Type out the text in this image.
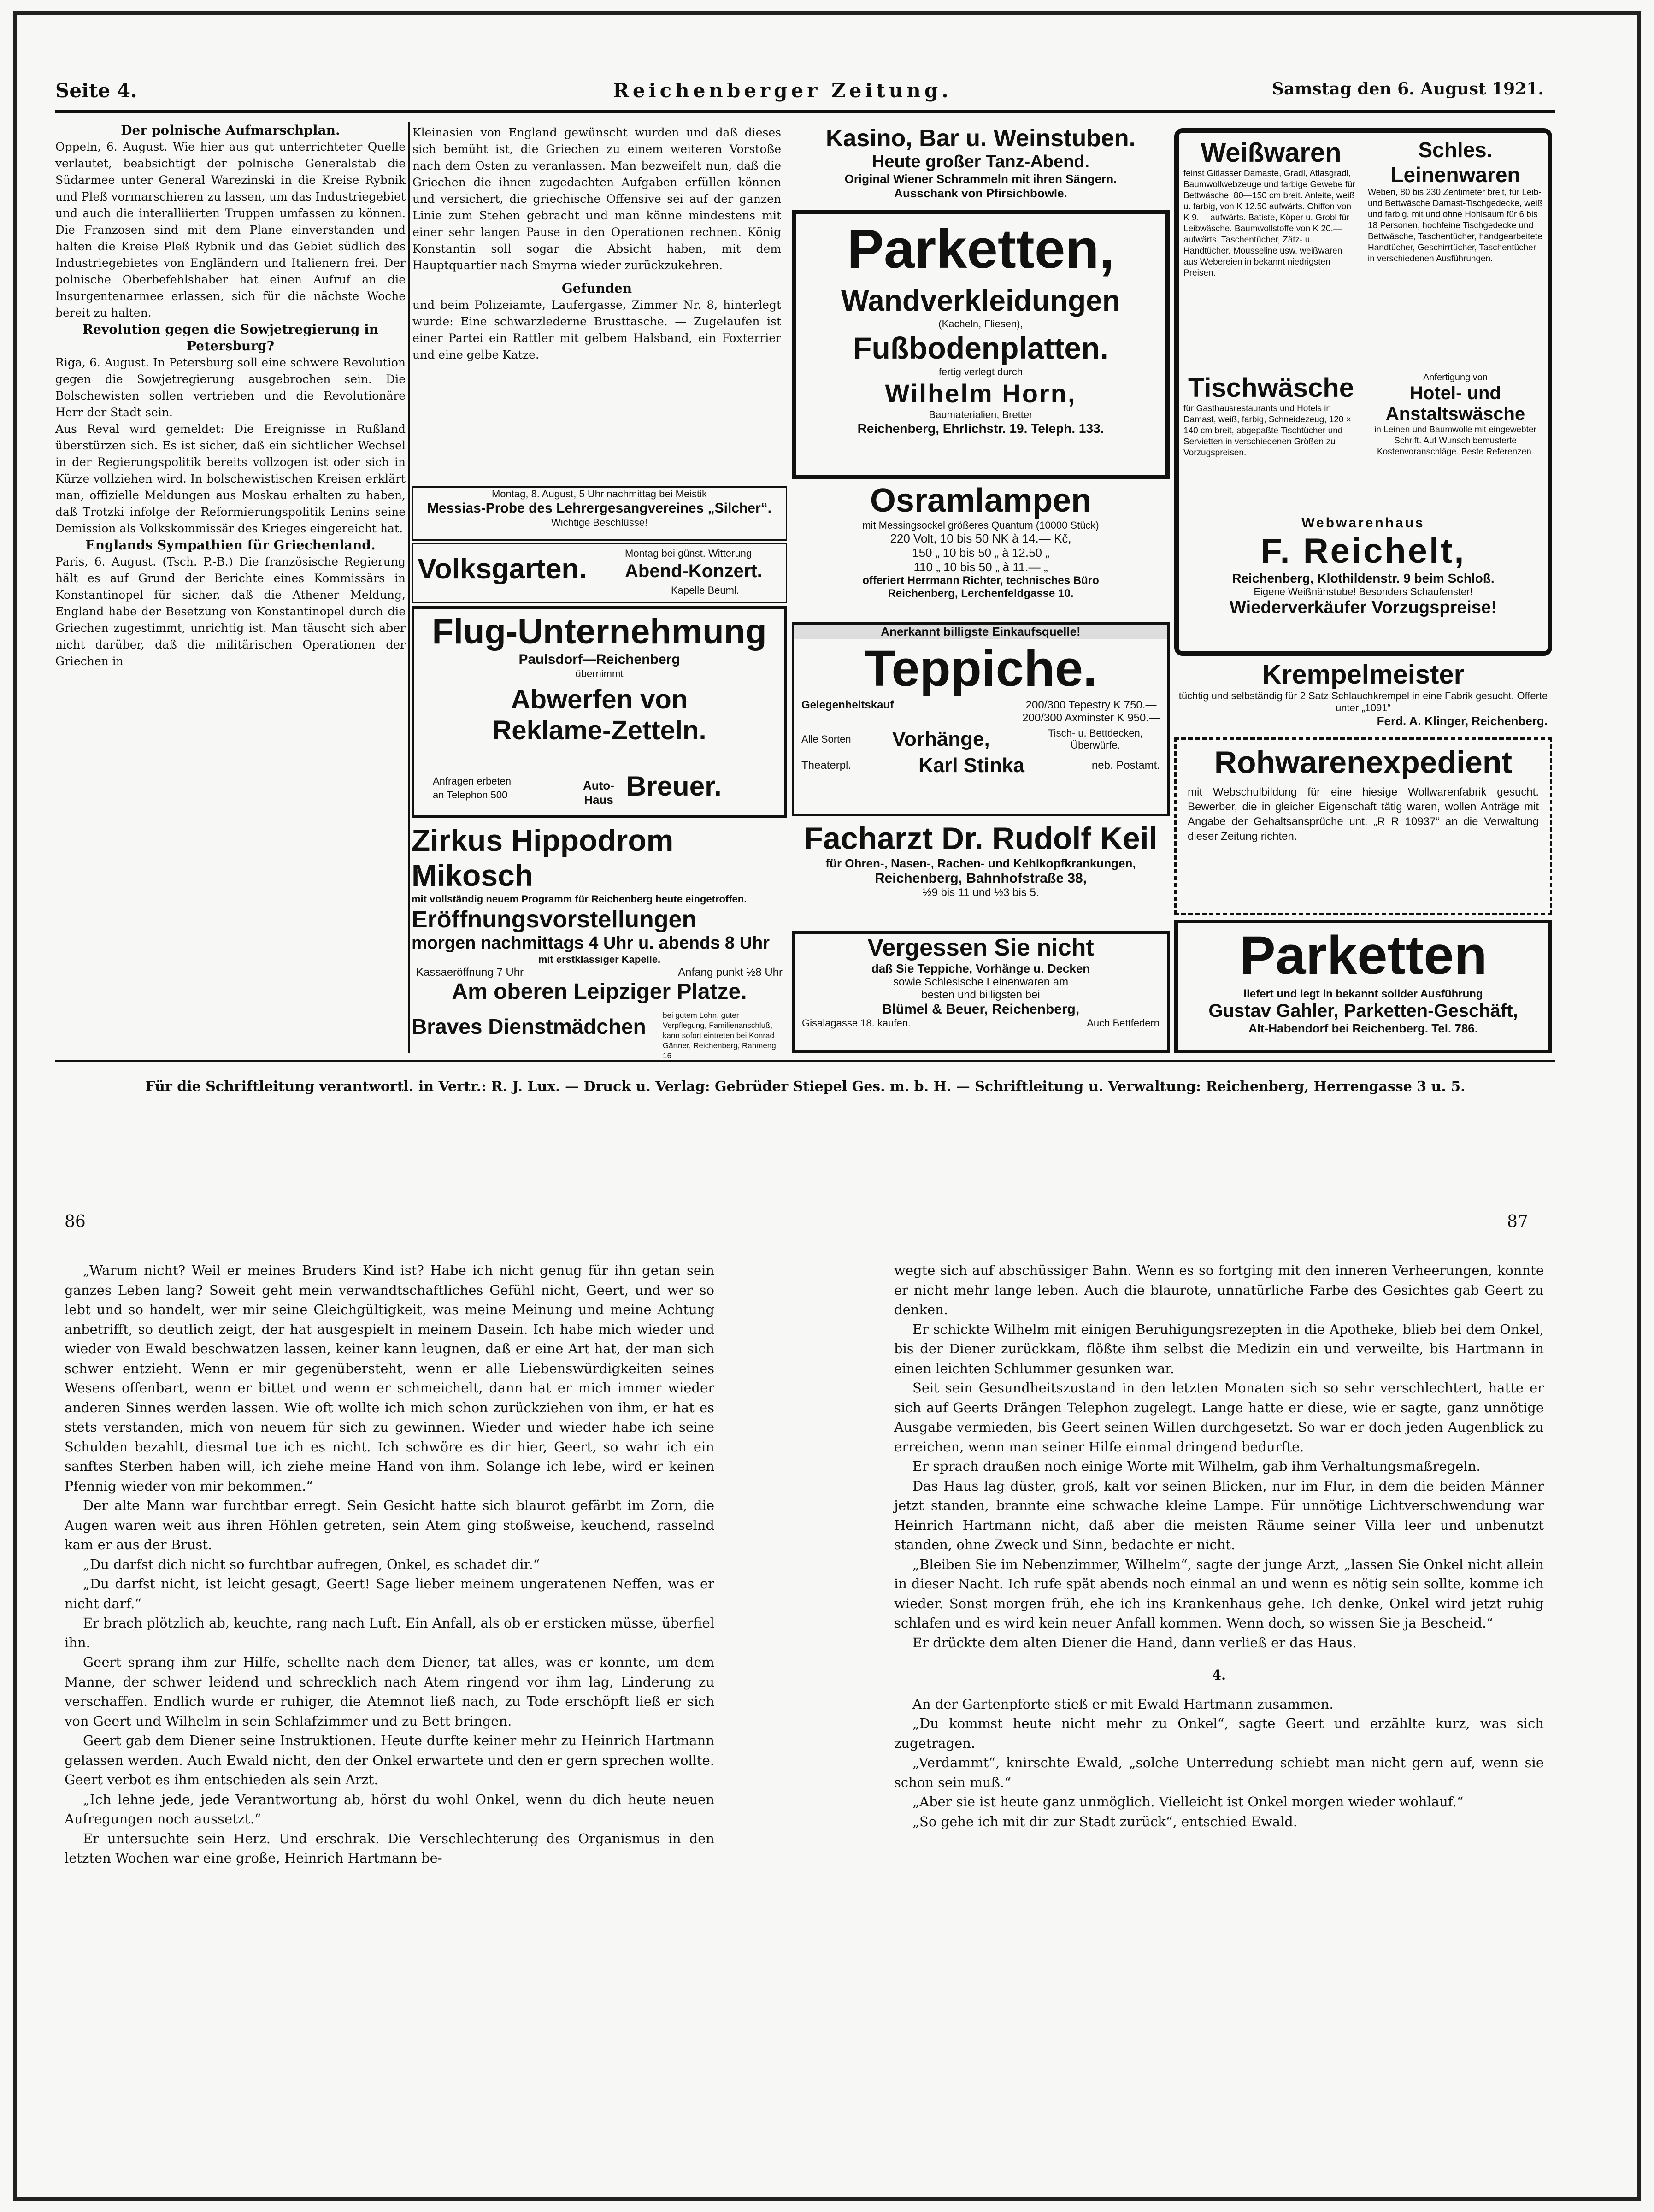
Seite 4.	Reichenberger Zeitung.	Samstag den 6. August 1921.

Der polnische Aufmarschplan.

Oppeln, 6. August. Wie hier aus gut unterrichteter Quelle verlautet, beabsichtigt der polnische Generalstab die Südarmee unter General Warezinski in die Kreise Rybnik und Pleß vormarschieren zu lassen, um das Industriegebiet und auch die interalliierten Truppen umfassen zu können. Die Franzosen sind mit dem Plane einverstanden und halten die Kreise Pleß Rybnik und das Gebiet südlich des Industriegebietes von Engländern und Italienern frei. Der polnische Oberbefehlshaber hat einen Aufruf an die Insurgentenarmee erlassen, sich für die nächste Woche bereit zu halten.

Revolution gegen die Sowjetregierung in Petersburg?

Riga, 6. August. In Petersburg soll eine schwere Revolution gegen die Sowjetregierung ausgebrochen sein. Die Bolschewisten sollen vertrieben und die Revolutionäre Herr der Stadt sein.

Aus Reval wird gemeldet: Die Ereignisse in Rußland überstürzen sich. Es ist sicher, daß ein sichtlicher Wechsel in der Regierungspolitik bereits vollzogen ist oder sich in Kürze vollziehen wird. In bolschewistischen Kreisen erklärt man, offizielle Meldungen aus Moskau erhalten zu haben, daß Trotzki infolge der Reformierungspolitik Lenins seine Demission als Volkskommissär des Krieges eingereicht hat.

Englands Sympathien für Griechenland.

Paris, 6. August. (Tsch. P.-B.) Die französische Regierung hält es auf Grund der Berichte eines Kommissärs in Konstantinopel für sicher, daß die Athener Meldung, England habe der Besetzung von Konstantinopel durch die Griechen zugestimmt, unrichtig ist. Man täuscht sich aber nicht darüber, daß die militärischen Operationen der Griechen in

Kleinasien von England gewünscht wurden und daß dieses sich bemüht ist, die Griechen zu einem weiteren Vorstoße nach dem Osten zu veranlassen. Man bezweifelt nun, daß die Griechen die ihnen zugedachten Aufgaben erfüllen können und versichert, die griechische Offensive sei auf der ganzen Linie zum Stehen gebracht und man könne mindestens mit einer sehr langen Pause in den Operationen rechnen. König Konstantin soll sogar die Absicht haben, mit dem Hauptquartier nach Smyrna wieder zurückzukehren.

Gefunden

und beim Polizeiamte, Laufergasse, Zimmer Nr. 8, hinterlegt wurde: Eine schwarzlederne Brusttasche. — Zugelaufen ist einer Partei ein Rattler mit gelbem Halsband, ein Foxterrier und eine gelbe Katze.

Montag, 8. August, 5 Uhr nachmittag bei Meistik
Messias-Probe des Lehrergesangvereines „Silcher“.
Wichtige Beschlüsse!
Volksgarten.	Montag bei günst. Witterung
Abend-Konzert.
Kapelle Beuml.
Flug-Unternehmung
Paulsdorf—Reichenberg
übernimmt
Abwerfen von
Reklame-Zetteln.
Anfragen erbeten
an Telephon 500
Auto-Haus Breuer.
Zirkus Hippodrom Mikosch
mit vollständig neuem Programm für Reichenberg heute eingetroffen.
Eröffnungsvorstellungen
morgen nachmittags 4 Uhr u. abends 8 Uhr
mit erstklassiger Kapelle.
Kassaeröffnung 7 Uhr	Anfang punkt ½8 Uhr
Am oberen Leipziger Platze.
Braves Dienstmädchen bei gutem Lohn, guter Verpflegung, Familienanschluß, kann sofort eintreten bei Konrad Gärtner, Reichenberg, Rahmeng. 16
Kasino, Bar u. Weinstuben.
Heute großer Tanz-Abend.
Original Wiener Schrammeln mit ihren Sängern.
Ausschank von Pfirsichbowle.
Parketten,
Wandverkleidungen
(Kacheln, Fliesen),
Fußbodenplatten.
fertig verlegt durch
Wilhelm Horn,
Baumaterialien, Bretter
Reichenberg, Ehrlichstr. 19. Teleph. 133.
Osramlampen
mit Messingsockel größeres Quantum (10000 Stück)
220 Volt, 10 bis 50 NK à 14.— Kč,
150 „ 10 bis 50 „ à 12.50 „
110 „ 10 bis 50 „ à 11.— „
offeriert Herrmann Richter, technisches Büro
Reichenberg, Lerchenfeldgasse 10.
Anerkannt billigste Einkaufsquelle!
Teppiche.
Gelegenheitskauf	200/300 Tepestry K 750.—
200/300 Axminster K 950.—
Alle Sorten Vorhänge,	Tisch- u. Bettdecken, Überwürfe.
Theaterpl.	Karl Stinka	neb. Postamt.
Facharzt Dr. Rudolf Keil
für Ohren-, Nasen-, Rachen- und Kehlkopfkrankungen,
Reichenberg, Bahnhofstraße 38,
½9 bis 11 und ½3 bis 5.
Vergessen Sie nicht
daß Sie Teppiche, Vorhänge u. Decken
sowie Schlesische Leinenwaren am
besten und billigsten bei
Blümel & Beuer, Reichenberg,
Gisalagasse 18. kaufen.	Auch Bettfedern
Weißwaren
feinst Gitlasser Damaste, Gradl, Atlasgradl, Baumwollwebzeuge und farbige Gewebe für Bettwäsche, 80—150 cm breit. Anleite, weiß u. farbig, von K 12.50 aufwärts. Chiffon von K 9.— aufwärts. Batiste, Köper u. Grobl für Leibwäsche. Baumwollstoffe von K 20.— aufwärts. Taschentücher, Zätz- u. Handtücher. Mousseline usw. weißwaren aus Webereien in bekannt niedrigsten Preisen.
Schles. Leinenwaren
Weben, 80 bis 230 Zentimeter breit, für Leib- und Bettwäsche Damast-Tischgedecke, weiß und farbig, mit und ohne Hohlsaum für 6 bis 18 Personen, hochfeine Tischgedecke und Bettwäsche, Taschentücher, handgearbeitete Handtücher, Geschirrtücher, Taschentücher in verschiedenen Ausführungen.
Tischwäsche
für Gasthausrestaurants und Hotels in Damast, weiß, farbig, Schneidezeug, 120 × 140 cm breit, abgepaßte Tischtücher und Servietten in verschiedenen Größen zu Vorzugspreisen.
Anfertigung von
Hotel- und Anstaltswäsche
in Leinen und Baumwolle mit eingewebter Schrift. Auf Wunsch bemusterte Kostenvoranschläge. Beste Referenzen.
Webwarenhaus
F. Reichelt,
Reichenberg, Klothildenstr. 9 beim Schloß.
Eigene Weißnähstube! Besonders Schaufenster!
Wiederverkäufer Vorzugspreise!
Krempelmeister
tüchtig und selbständig für 2 Satz Schlauchkrempel in eine Fabrik gesucht. Offerte unter „1091“
Ferd. A. Klinger, Reichenberg.
Rohwarenexpedient
mit Webschulbildung für eine hiesige Wollwarenfabrik gesucht. Bewerber, die in gleicher Eigenschaft tätig waren, wollen Anträge mit Angabe der Gehaltsansprüche unt. „R R 10937“ an die Verwaltung dieser Zeitung richten.
Parketten
liefert und legt in bekannt solider Ausführung
Gustav Gahler, Parketten-Geschäft,
Alt-Habendorf bei Reichenberg. Tel. 786.
Für die Schriftleitung verantwortl. in Vertr.: R. J. Lux. — Druck u. Verlag: Gebrüder Stiepel Ges. m. b. H. — Schriftleitung u. Verwaltung: Reichenberg, Herrengasse 3 u. 5.
86	87

„Warum nicht? Weil er meines Bruders Kind ist? Habe ich nicht genug für ihn getan sein ganzes Leben lang? Soweit geht mein verwandtschaftliches Gefühl nicht, Geert, und wer so lebt und so handelt, wer mir seine Gleichgültigkeit, was meine Meinung und meine Achtung anbetrifft, so deutlich zeigt, der hat ausgespielt in meinem Dasein. Ich habe mich wieder und wieder von Ewald beschwatzen lassen, keiner kann leugnen, daß er eine Art hat, der man sich schwer entzieht. Wenn er mir gegenübersteht, wenn er alle Liebenswürdigkeiten seines Wesens offenbart, wenn er bittet und wenn er schmeichelt, dann hat er mich immer wieder anderen Sinnes werden lassen. Wie oft wollte ich mich schon zurückziehen von ihm, er hat es stets verstanden, mich von neuem für sich zu gewinnen. Wieder und wieder habe ich seine Schulden bezahlt, diesmal tue ich es nicht. Ich schwöre es dir hier, Geert, so wahr ich ein sanftes Sterben haben will, ich ziehe meine Hand von ihm. Solange ich lebe, wird er keinen Pfennig wieder von mir bekommen.“

Der alte Mann war furchtbar erregt. Sein Gesicht hatte sich blaurot gefärbt im Zorn, die Augen waren weit aus ihren Höhlen getreten, sein Atem ging stoßweise, keuchend, rasselnd kam er aus der Brust.

„Du darfst dich nicht so furchtbar aufregen, Onkel, es schadet dir.“

„Du darfst nicht, ist leicht gesagt, Geert! Sage lieber meinem ungeratenen Neffen, was er nicht darf.“

Er brach plötzlich ab, keuchte, rang nach Luft. Ein Anfall, als ob er ersticken müsse, überfiel ihn.

Geert sprang ihm zur Hilfe, schellte nach dem Diener, tat alles, was er konnte, um dem Manne, der schwer leidend und schrecklich nach Atem ringend vor ihm lag, Linderung zu verschaffen. Endlich wurde er ruhiger, die Atemnot ließ nach, zu Tode erschöpft ließ er sich von Geert und Wilhelm in sein Schlafzimmer und zu Bett bringen.

Geert gab dem Diener seine Instruktionen. Heute durfte keiner mehr zu Heinrich Hartmann gelassen werden. Auch Ewald nicht, den der Onkel erwartete und den er gern sprechen wollte. Geert verbot es ihm entschieden als sein Arzt.

„Ich lehne jede, jede Verantwortung ab, hörst du wohl Onkel, wenn du dich heute neuen Aufregungen noch aussetzt.“

Er untersuchte sein Herz. Und erschrak. Die Verschlechterung des Organismus in den letzten Wochen war eine große, Heinrich Hartmann be-

wegte sich auf abschüssiger Bahn. Wenn es so fortging mit den inneren Verheerungen, konnte er nicht mehr lange leben. Auch die blaurote, unnatürliche Farbe des Gesichtes gab Geert zu denken.

Er schickte Wilhelm mit einigen Beruhigungsrezepten in die Apotheke, blieb bei dem Onkel, bis der Diener zurückkam, flößte ihm selbst die Medizin ein und verweilte, bis Hartmann in einen leichten Schlummer gesunken war.

Seit sein Gesundheitszustand in den letzten Monaten sich so sehr verschlechtert, hatte er sich auf Geerts Drängen Telephon zugelegt. Lange hatte er diese, wie er sagte, ganz unnötige Ausgabe vermieden, bis Geert seinen Willen durchgesetzt. So war er doch jeden Augenblick zu erreichen, wenn man seiner Hilfe einmal dringend bedurfte.

Er sprach draußen noch einige Worte mit Wilhelm, gab ihm Verhaltungsmaßregeln.

Das Haus lag düster, groß, kalt vor seinen Blicken, nur im Flur, in dem die beiden Männer jetzt standen, brannte eine schwache kleine Lampe. Für unnötige Lichtverschwendung war Heinrich Hartmann nicht, daß aber die meisten Räume seiner Villa leer und unbenutzt standen, ohne Zweck und Sinn, bedachte er nicht.

„Bleiben Sie im Nebenzimmer, Wilhelm“, sagte der junge Arzt, „lassen Sie Onkel nicht allein in dieser Nacht. Ich rufe spät abends noch einmal an und wenn es nötig sein sollte, komme ich wieder. Sonst morgen früh, ehe ich ins Krankenhaus gehe. Ich denke, Onkel wird jetzt ruhig schlafen und es wird kein neuer Anfall kommen. Wenn doch, so wissen Sie ja Bescheid.“

Er drückte dem alten Diener die Hand, dann verließ er das Haus.

4.

An der Gartenpforte stieß er mit Ewald Hartmann zusammen.

„Du kommst heute nicht mehr zu Onkel“, sagte Geert und erzählte kurz, was sich zugetragen.

„Verdammt“, knirschte Ewald, „solche Unterredung schiebt man nicht gern auf, wenn sie schon sein muß.“

„Aber sie ist heute ganz unmöglich. Vielleicht ist Onkel morgen wieder wohlauf.“

„So gehe ich mit dir zur Stadt zurück“, entschied Ewald.
